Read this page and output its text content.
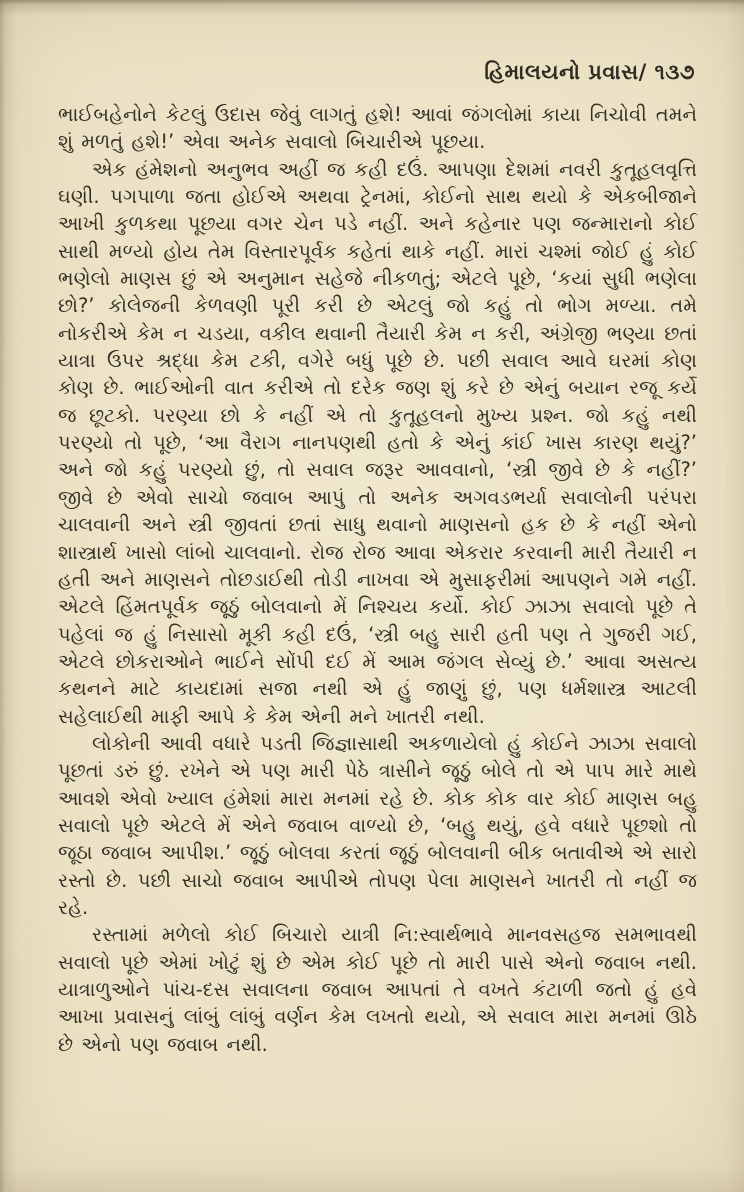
હિમાલયનો પ્રવાસ/ ૧૩૭

ભાઈબહેનોને કેટલું ઉદાસ જેવું લાગતું હશે! આવાં જંગલોમાં કાયા નિચોવી તમને શું મળતું હશે!’ એવા અનેક સવાલો બિચારીએ પૂછયા.

એક હંમેશનો અનુભવ અહીં જ કહી દઉં. આપણા દેશમાં નવરી કુતૂહલવૃત્તિ ઘણી. પગપાળા જતા હોઈએ અથવા ટ્રેનમાં, કોઈનો સાથ થયો કે એકબીજાને આખી કુળકથા પૂછયા વગર ચેન પડે નહીં. અને કહેનાર પણ જન્મારાનો કોઈ સાથી મળ્યો હોય તેમ વિસ્તારપૂર્વક કહેતાં થાકે નહીં. મારાં ચશ્માં જોઈ હું કોઈ ભણેલો માણસ છું એ અનુમાન સહેજે નીકળતું; એટલે પૂછે, ‘કયાં સુધી ભણેલા છો?’ કોલેજની કેળવણી પૂરી કરી છે એટલું જો કહું તો ભોગ મળ્યા. તમે નોકરીએ કેમ ન ચડયા, વકીલ થવાની તૈયારી કેમ ન કરી, અંગ્રેજી ભણ્યા છતાં યાત્રા ઉપર શ્રદ્ધા કેમ ટકી, વગેરે બધું પૂછે છે. પછી સવાલ આવે ઘરમાં કોણ કોણ છે. ભાઈઓની વાત કરીએ તો દરેક જણ શું કરે છે એનું બયાન રજૂ કર્યે જ છૂટકો. પરણ્યા છો કે નહીં એ તો કુતૂહલનો મુખ્ય પ્રશ્ન. જો કહું નથી પરણ્યો તો પૂછે, ‘આ વૈરાગ નાનપણથી હતો કે એનું કાંઈ ખાસ કારણ થયું?’ અને જો કહું પરણ્યો છું, તો સવાલ જરૂર આવવાનો, ‘સ્ત્રી જીવે છે કે નહીં?’ જીવે છે એવો સાચો જવાબ આપું તો અનેક અગવડભર્યા સવાલોની પરંપરા ચાલવાની અને સ્ત્રી જીવતાં છતાં સાધુ થવાનો માણસનો હક છે કે નહીં એનો શાસ્ત્રાર્થ ખાસો લાંબો ચાલવાનો. રોજ રોજ આવા એકરાર કરવાની મારી તૈયારી ન હતી અને માણસને તોછડાઈથી તોડી નાખવા એ મુસાફરીમાં આપણને ગમે નહીં. એટલે હિંમતપૂર્વક જૂઠું બોલવાનો મેં નિશ્ચય કર્યો. કોઈ ઝાઝા સવાલો પૂછે તે પહેલાં જ હું નિસાસો મૂકી કહી દઉં, ‘સ્ત્રી બહુ સારી હતી પણ તે ગુજરી ગઈ, એટલે છોકરાઓને ભાઈને સોંપી દઈ મેં આમ જંગલ સેવ્યું છે.’ આવા અસત્ય કથનને માટે કાયદામાં સજા નથી એ હું જાણું છું, પણ ધર્મશાસ્ત્ર આટલી સહેલાઈથી માફી આપે કે કેમ એની મને ખાતરી નથી.

લોકોની આવી વધારે પડતી જિજ્ઞાસાથી અકળાયેલો હું કોઈને ઝાઝા સવાલો પૂછતાં ડરું છું. રખેને એ પણ મારી પેઠે ત્રાસીને જૂઠું બોલે તો એ પાપ મારે માથે આવશે એવો ખ્યાલ હંમેશાં મારા મનમાં રહે છે. કોક કોક વાર કોઈ માણસ બહુ સવાલો પૂછે એટલે મેં એને જવાબ વાળ્યો છે, ‘બહુ થયું, હવે વધારે પૂછશો તો જૂઠા જવાબ આપીશ.’ જૂઠું બોલવા કરતાં જૂઠું બોલવાની બીક બતાવીએ એ સારો રસ્તો છે. પછી સાચો જવાબ આપીએ તોપણ પેલા માણસને ખાતરી તો નહીં જ રહે.

રસ્તામાં મળેલો કોઈ બિચારો યાત્રી નિ:સ્વાર્થભાવે માનવસહજ સમભાવથી સવાલો પૂછે એમાં ખોટું શું છે એમ કોઈ પૂછે તો મારી પાસે એનો જવાબ નથી. યાત્રાળુઓને પાંચ-દસ સવાલના જવાબ આપતાં તે વખતે કંટાળી જતો હું હવે આખા પ્રવાસનું લાંબું લાંબું વર્ણન કેમ લખતો થયો, એ સવાલ મારા મનમાં ઊઠે છે એનો પણ જવાબ નથી.
